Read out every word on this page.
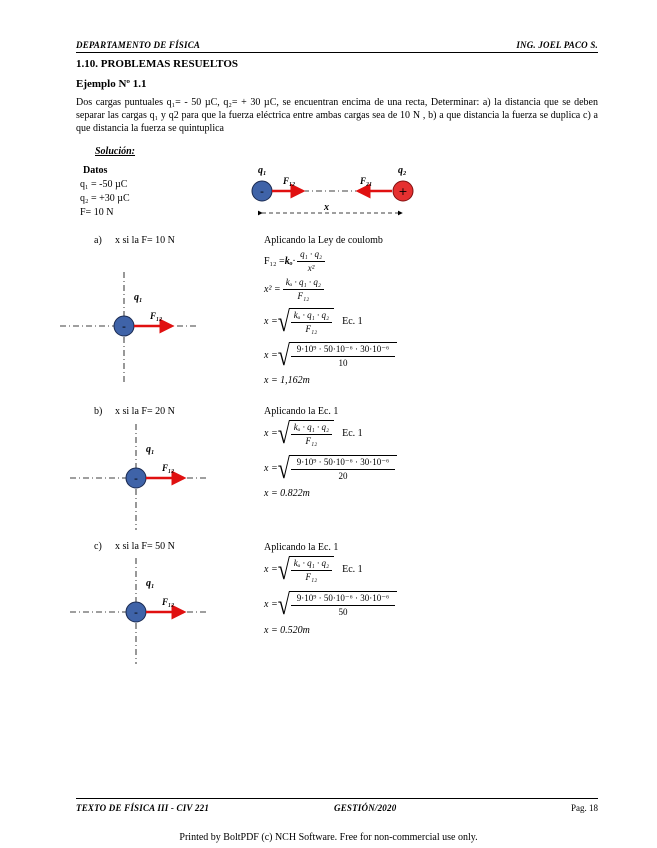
DEPARTAMENTO DE FÍSICA	ING. JOEL PACO S.
1.10. PROBLEMAS RESUELTOS
Ejemplo Nº 1.1
Dos cargas puntuales q₁= - 50 µC, q₂= + 30 µC, se encuentran encima de una recta, Determinar: a) la distancia que se deben separar las cargas q₁ y q2 para que la fuerza eléctrica entre ambas cargas sea de 10 N , b) a que distancia la fuerza se duplica c) a que distancia la fuerza se quintuplica
Solución:
Datos
q₁ = -50 µC
q₂ = +30 µC
F= 10 N
-	+
q₁	q₂
F₁₂	F₂₁
x
a) x si la F= 10 N
-
q₁
F₁₂
Aplicando la Ley de coulomb
$F_{12} = k_o \cdot \frac{\text{q₁ · q₂}}{\text{x²}}$
$x^2 = \frac{\text{kₒ · q₁ · q₂}}{\text{F₁₂}}$
x = √ $\frac{\text{kₒ · q₁ · q₂}}{\text{F₁₂}} Ec$. 1
x = √ $\frac{\text{9·10⁹ · 50·10⁻⁶ · 30·10⁻⁶}}{10}$
x = 1,162m
b) x si la F= 20 N
-
q₁
F₁₂
Aplicando la Ec. 1
x = √ $\frac{\text{kₒ · q₁ · q₂}}{\text{F₁₂}} Ec$. 1
x = √ $\frac{\text{9·10⁹ · 50·10⁻⁶ · 30·10⁻⁶}}{20}$
x = 0.822m
c) x si la F= 50 N
-
q₁
F₁₂
Aplicando la Ec. 1
x = √ $\frac{\text{kₒ · q₁ · q₂}}{\text{F₁₂}} Ec$. 1
x = √ $\frac{\text{9·10⁹ · 50·10⁻⁶ · 30·10⁻⁶}}{50}$
x = 0.520m
TEXTO DE FÍSICA III - CIV 221	GESTIÓN/2020	Pag. 18
Printed by BoltPDF (c) NCH Software. Free for non-commercial use only.
